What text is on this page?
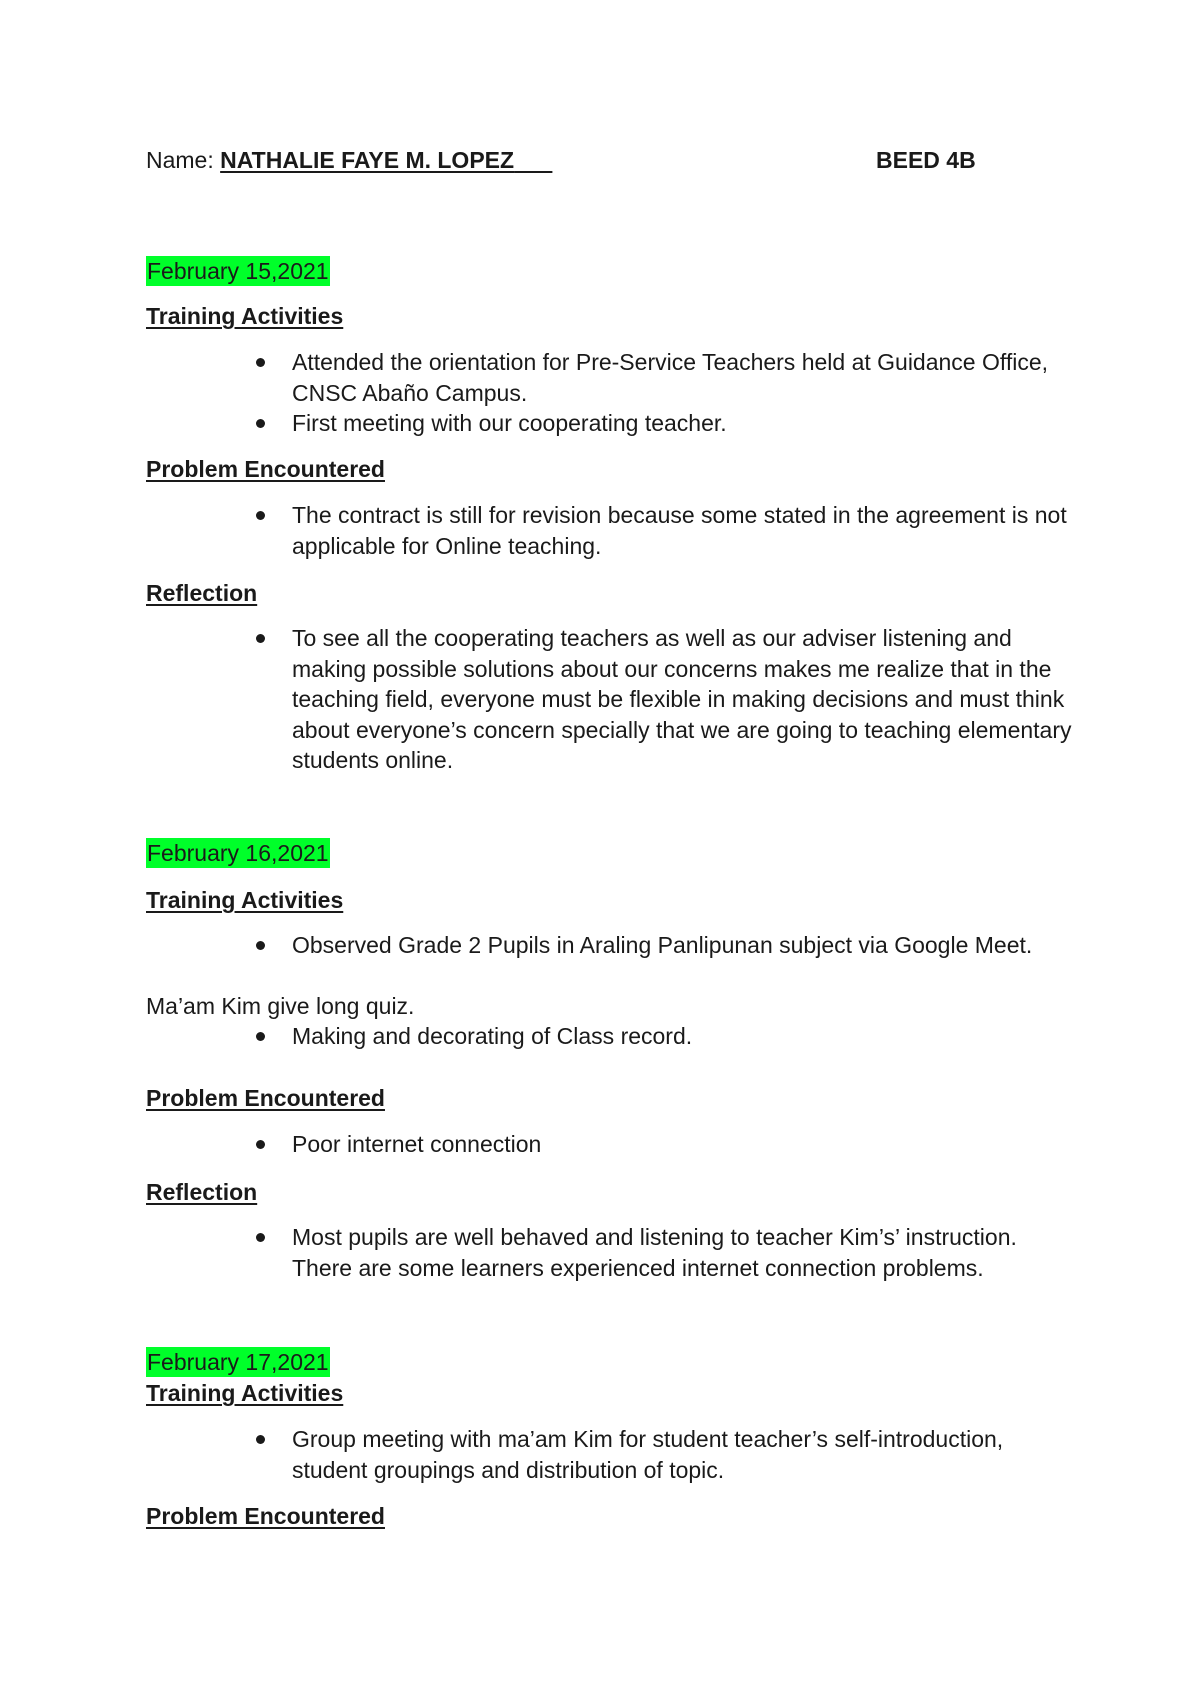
Name: NATHALIE FAYE M. LOPEZ	BEED 4B
February 15,2021
Training Activities
Attended the orientation for Pre-Service Teachers held at Guidance Office, CNSC Abaño Campus.
First meeting with our cooperating teacher.
Problem Encountered
The contract is still for revision because some stated in the agreement is not applicable for Online teaching.
Reflection
To see all the cooperating teachers as well as our adviser listening and making possible solutions about our concerns makes me realize that in the teaching field, everyone must be flexible in making decisions and must think about everyone’s concern specially that we are going to teaching elementary students online.
February 16,2021
Training Activities
Observed Grade 2 Pupils in Araling Panlipunan subject via Google Meet.
Ma’am Kim give long quiz.
Making and decorating of Class record.
Problem Encountered
Poor internet connection
Reflection
Most pupils are well behaved and listening to teacher Kim’s’ instruction. There are some learners experienced internet connection problems.
February 17,2021
Training Activities
Group meeting with ma’am Kim for student teacher’s self-introduction, student groupings and distribution of topic.
Problem Encountered
